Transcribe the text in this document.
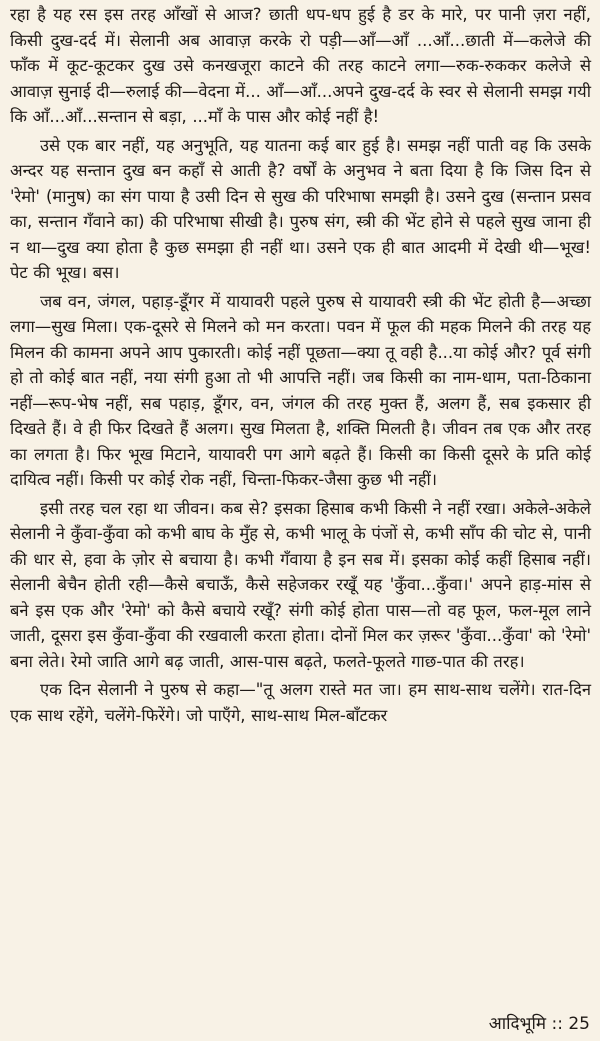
रहा है यह रस इस तरह आँखों से आज? छाती धप-धप हुई है डर के मारे, पर पानी ज़रा नहीं, किसी दुख-दर्द में। सेलानी अब आवाज़ करके रो पड़ी—आँ—आँ ...आँ...छाती में—कलेजे की फाँक में कूट-कूटकर दुख उसे कनखजूरा काटने की तरह काटने लगा—रुक-रुककर कलेजे से आवाज़ सुनाई दी—रुलाई की—वेदना में... आँ—आँ...अपने दुख-दर्द के स्वर से सेलानी समझ गयी कि आँ...आँ...सन्तान से बड़ा, ...माँ के पास और कोई नहीं है!

उसे एक बार नहीं, यह अनुभूति, यह यातना कई बार हुई है। समझ नहीं पाती वह कि उसके अन्दर यह सन्तान दुख बन कहाँ से आती है? वर्षों के अनुभव ने बता दिया है कि जिस दिन से 'रेमो' (मानुष) का संग पाया है उसी दिन से सुख की परिभाषा समझी है। उसने दुख (सन्तान प्रसव का, सन्तान गँवाने का) की परिभाषा सीखी है। पुरुष संग, स्त्री की भेंट होने से पहले सुख जाना ही न था—दुख क्या होता है कुछ समझा ही नहीं था। उसने एक ही बात आदमी में देखी थी—भूख! पेट की भूख। बस।

जब वन, जंगल, पहाड़-डूँगर में यायावरी पहले पुरुष से यायावरी स्त्री की भेंट होती है—अच्छा लगा—सुख मिला। एक-दूसरे से मिलने को मन करता। पवन में फूल की महक मिलने की तरह यह मिलन की कामना अपने आप पुकारती। कोई नहीं पूछता—क्या तू वही है...या कोई और? पूर्व संगी हो तो कोई बात नहीं, नया संगी हुआ तो भी आपत्ति नहीं। जब किसी का नाम-धाम, पता-ठिकाना नहीं—रूप-भेष नहीं, सब पहाड़, डूँगर, वन, जंगल की तरह मुक्त हैं, अलग हैं, सब इकसार ही दिखते हैं। वे ही फिर दिखते हैं अलग। सुख मिलता है, शक्ति मिलती है। जीवन तब एक और तरह का लगता है। फिर भूख मिटाने, यायावरी पग आगे बढ़ते हैं। किसी का किसी दूसरे के प्रति कोई दायित्व नहीं। किसी पर कोई रोक नहीं, चिन्ता-फिकर-जैसा कुछ भी नहीं।

इसी तरह चल रहा था जीवन। कब से? इसका हिसाब कभी किसी ने नहीं रखा। अकेले-अकेले सेलानी ने कुँवा-कुँवा को कभी बाघ के मुँह से, कभी भालू के पंजों से, कभी साँप की चोट से, पानी की धार से, हवा के ज़ोर से बचाया है। कभी गँवाया है इन सब में। इसका कोई कहीं हिसाब नहीं। सेलानी बेचैन होती रही—कैसे बचाऊँ, कैसे सहेजकर रखूँ यह 'कुँवा...कुँवा।' अपने हाड़-मांस से बने इस एक और 'रेमो' को कैसे बचाये रखूँ? संगी कोई होता पास—तो वह फूल, फल-मूल लाने जाती, दूसरा इस कुँवा-कुँवा की रखवाली करता होता। दोनों मिल कर ज़रूर 'कुँवा...कुँवा' को 'रेमो' बना लेते। रेमो जाति आगे बढ़ जाती, आस-पास बढ़ते, फलते-फूलते गाछ-पात की तरह।

एक दिन सेलानी ने पुरुष से कहा—"तू अलग रास्ते मत जा। हम साथ-साथ चलेंगे। रात-दिन एक साथ रहेंगे, चलेंगे-फिरेंगे। जो पाएँगे, साथ-साथ मिल-बाँटकर

आदिभूमि :: 25
